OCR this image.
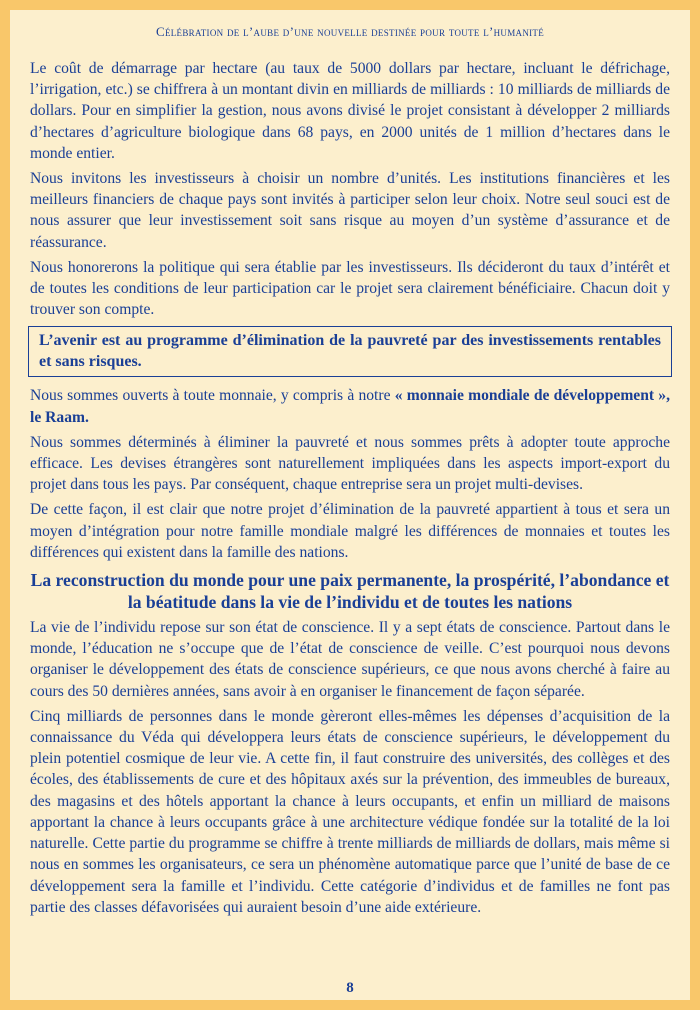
Célébration de l’aube d’une nouvelle destinée pour toute l’humanité

Le coût de démarrage par hectare (au taux de 5000 dollars par hectare, incluant le défrichage, l’irrigation, etc.) se chiffrera à un montant divin en milliards de milliards : 10 milliards de milliards de dollars. Pour en simplifier la gestion, nous avons divisé le projet consistant à développer 2 milliards d’hectares d’agriculture biologique dans 68 pays, en 2000 unités de 1 million d’hectares dans le monde entier.

Nous invitons les investisseurs à choisir un nombre d’unités. Les institutions financières et les meilleurs financiers de chaque pays sont invités à participer selon leur choix. Notre seul souci est de nous assurer que leur investissement soit sans risque au moyen d’un système d’assurance et de réassurance.

Nous honorerons la politique qui sera établie par les investisseurs. Ils décideront du taux d’intérêt et de toutes les conditions de leur participation car le projet sera clairement bénéficiaire. Chacun doit y trouver son compte.

L’avenir est au programme d’élimination de la pauvreté par des investissements rentables et sans risques.

Nous sommes ouverts à toute monnaie, y compris à notre « monnaie mondiale de développement », le Raam.

Nous sommes déterminés à éliminer la pauvreté et nous sommes prêts à adopter toute approche efficace. Les devises étrangères sont naturellement impliquées dans les aspects import-export du projet dans tous les pays. Par conséquent, chaque entreprise sera un projet multi-devises.

De cette façon, il est clair que notre projet d’élimination de la pauvreté appartient à tous et sera un moyen d’intégration pour notre famille mondiale malgré les différences de monnaies et toutes les différences qui existent dans la famille des nations.

La reconstruction du monde pour une paix permanente, la prospérité, l’abondance et la béatitude dans la vie de l’individu et de toutes les nations

La vie de l’individu repose sur son état de conscience. Il y a sept états de conscience. Partout dans le monde, l’éducation ne s’occupe que de l’état de conscience de veille. C’est pourquoi nous devons organiser le développement des états de conscience supérieurs, ce que nous avons cherché à faire au cours des 50 dernières années, sans avoir à en organiser le financement de façon séparée.

Cinq milliards de personnes dans le monde gèreront elles-mêmes les dépenses d’acquisition de la connaissance du Véda qui développera leurs états de conscience supérieurs, le développement du plein potentiel cosmique de leur vie. A cette fin, il faut construire des universités, des collèges et des écoles, des établissements de cure et des hôpitaux axés sur la prévention, des immeubles de bureaux, des magasins et des hôtels apportant la chance à leurs occupants, et enfin un milliard de maisons apportant la chance à leurs occupants grâce à une architecture védique fondée sur la totalité de la loi naturelle. Cette partie du programme se chiffre à trente milliards de milliards de dollars, mais même si nous en sommes les organisateurs, ce sera un phénomène automatique parce que l’unité de base de ce développement sera la famille et l’individu. Cette catégorie d’individus et de familles ne font pas partie des classes défavorisées qui auraient besoin d’une aide extérieure.

8
